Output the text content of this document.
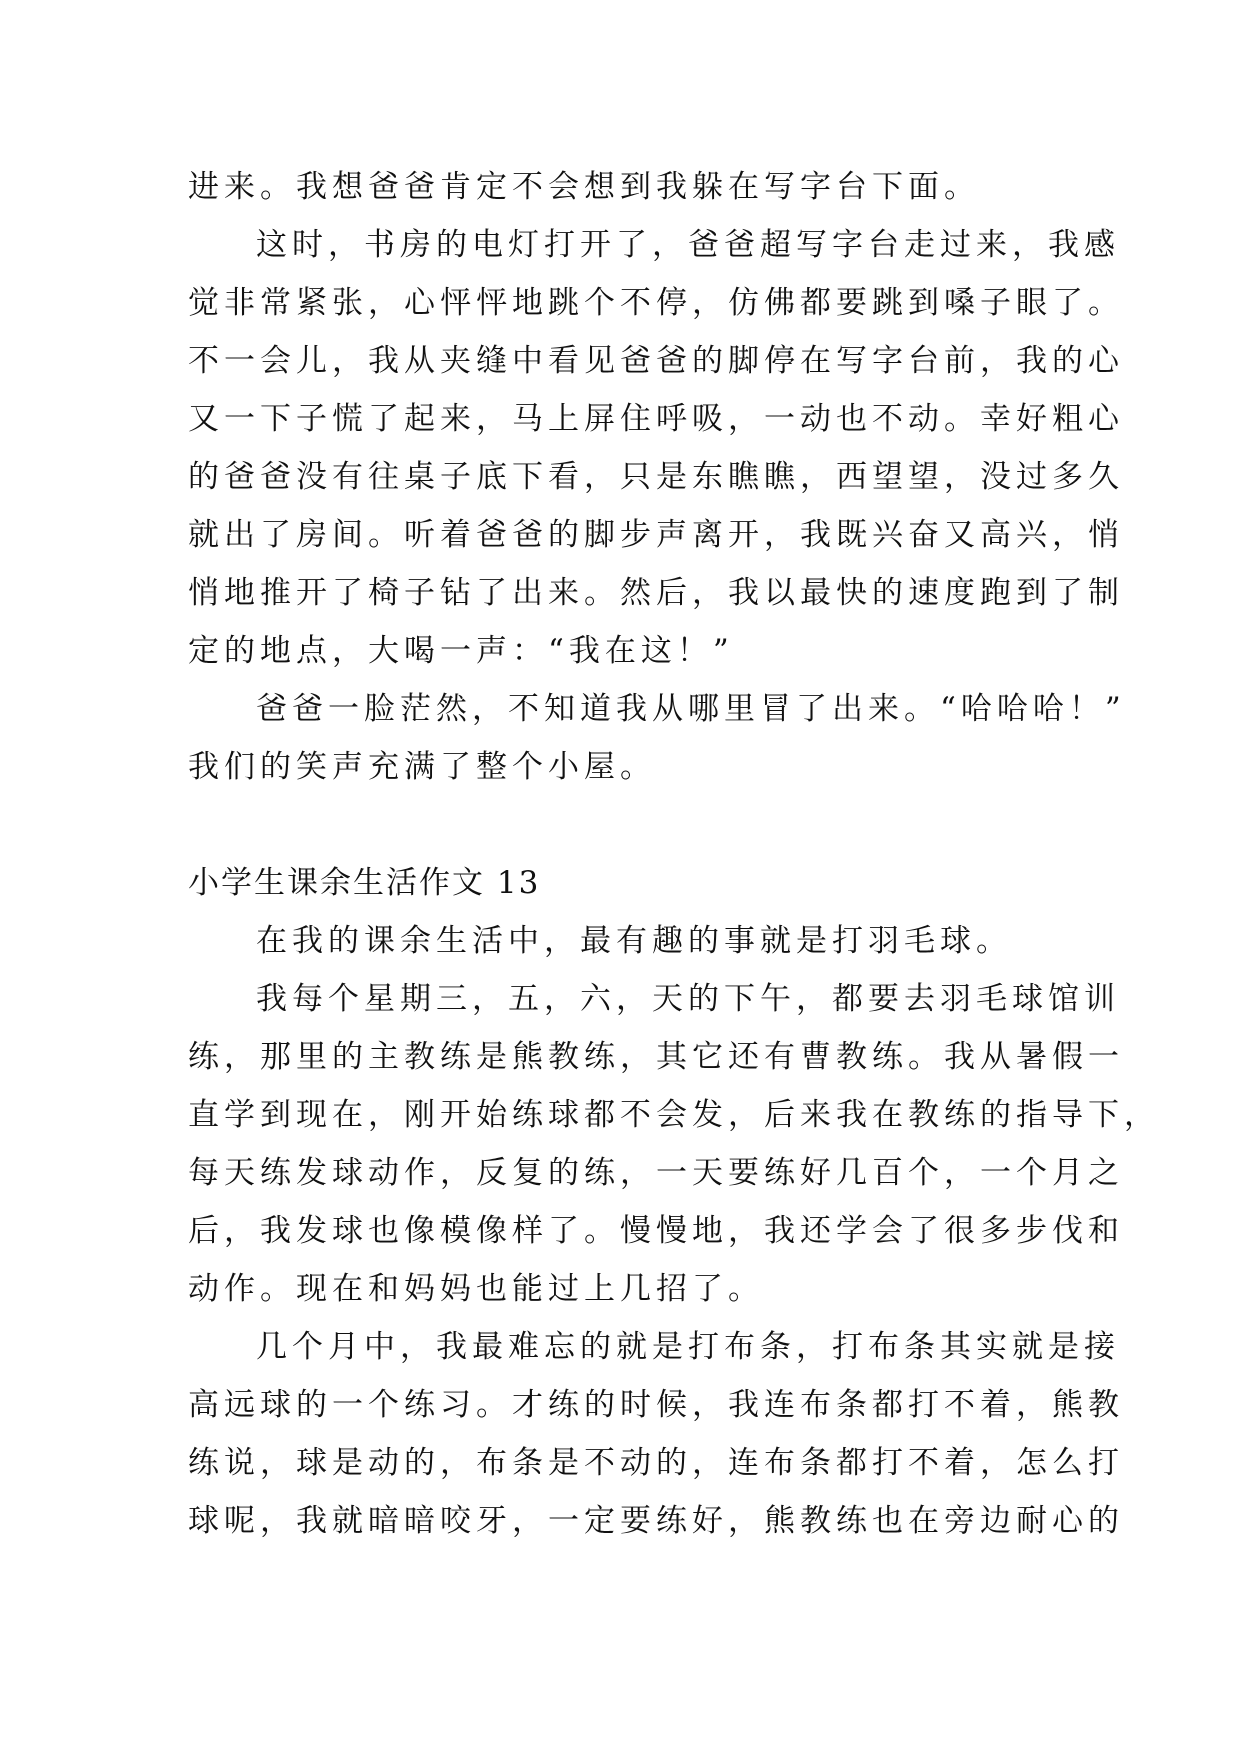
进来。我想爸爸肯定不会想到我躲在写字台下面。
这时，书房的电灯打开了，爸爸超写字台走过来，我感
觉非常紧张，心怦怦地跳个不停，仿佛都要跳到嗓子眼了。
不一会儿，我从夹缝中看见爸爸的脚停在写字台前，我的心
又一下子慌了起来，马上屏住呼吸，一动也不动。幸好粗心
的爸爸没有往桌子底下看，只是东瞧瞧，西望望，没过多久
就出了房间。听着爸爸的脚步声离开，我既兴奋又高兴，悄
悄地推开了椅子钻了出来。然后，我以最快的速度跑到了制
定的地点，大喝一声：“我在这！”
爸爸一脸茫然，不知道我从哪里冒了出来。“哈哈哈！”
我们的笑声充满了整个小屋。
小学生课余生活作文 13
在我的课余生活中，最有趣的事就是打羽毛球。
我每个星期三，五，六，天的下午，都要去羽毛球馆训
练，那里的主教练是熊教练，其它还有曹教练。我从暑假一
直学到现在，刚开始练球都不会发，后来我在教练的指导下，
每天练发球动作，反复的练，一天要练好几百个，一个月之
后，我发球也像模像样了。慢慢地，我还学会了很多步伐和
动作。现在和妈妈也能过上几招了。
几个月中，我最难忘的就是打布条，打布条其实就是接
高远球的一个练习。才练的时候，我连布条都打不着，熊教
练说，球是动的，布条是不动的，连布条都打不着，怎么打
球呢，我就暗暗咬牙，一定要练好，熊教练也在旁边耐心的
